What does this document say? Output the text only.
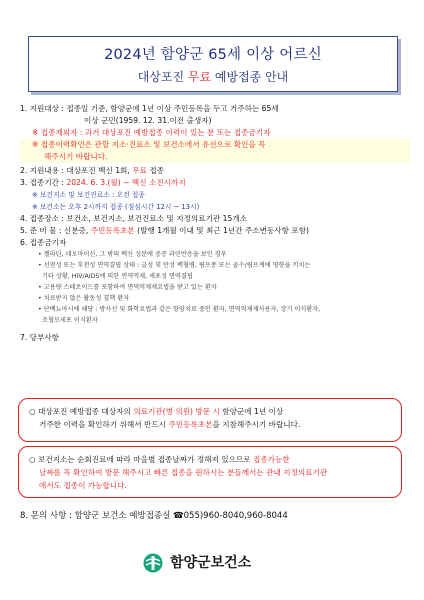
2024년 함양군 65세 이상 어르신
대상포진 무료 예방접종 안내
1. 지원대상 : 접종일 기준, 함양군에 1년 이상 주민등록을 두고 거주하는 65세
이상 군민(1959. 12. 31.이전 출생자)
※ 접종제외자 : 과거 대상포진 예방접종 이력이 있는 분 또는 접종금기자
※ 접종이력확인은 관할 지소·진료소 및 보건소에서 유선으로 확인을 꼭
해주시기 바랍니다.
2. 지원내용 : 대상포진 백신 1회, 무료 접종
3. 접종기간 : 2024. 6. 3.(월) ~ 백신 소진시까지
※ 보건지소 및 보건진료소 : 오전 접종
※ 보건소는 오후 2시까지 접종 (점심시간 12시 ~ 13시)
4. 접종장소 : 보건소, 보건지소, 보건진료소 및 지정의료기관 15개소
5. 준 비 물 : 신분증, 주민등록초본 (발행 1개월 이내 및 최근 1년간 주소변동사항 포함)
6. 접종금기자
• 젤라틴, 네오마이신, 그 밖의 백신 성분에 중증 과민반응을 보인 경우
• 선천성 또는 후천성 면역결핍 상태 : 급성 및 만성 백혈병, 림프종 또는 골수/림프계에 영향을 끼치는
기타 상황, HIV/AIDS에 의한 면역억제, 세포성 면역결핍
• 고용량 스테로이드를 포함하여 면역억제제요법을 받고 있는 환자
• 치료받지 않은 활동성 결핵 환자
• 단백뇨마시에 해당 : 방사선 및 화학요법과 같은 항암치료 중인 환자, 면역억제제사용자, 장기 이식환자,
조혈모세포 이식환자
7. 당부사항
○ 대상포진 예방접종 대상자의 의료기관(병·의원) 방문 시 함양군에 1년 이상
거주한 이력을 확인하기 위해서 반드시 주민등록초본을 지참해주시기 바랍니다.
○ 보건지소는 순회진료에 따라 마을별 접종날짜가 정해져 있으므로 접종가능한
날짜를 꼭 확인하여 방문 해주시고 빠른 접종을 원하시는 분들께서는 관내 지정의료기관
에서도 접종이 가능합니다.
8. 문의 사항 : 함양군 보건소 예방접종실 ☎055)960-8040,960-8044
함양군보건소
